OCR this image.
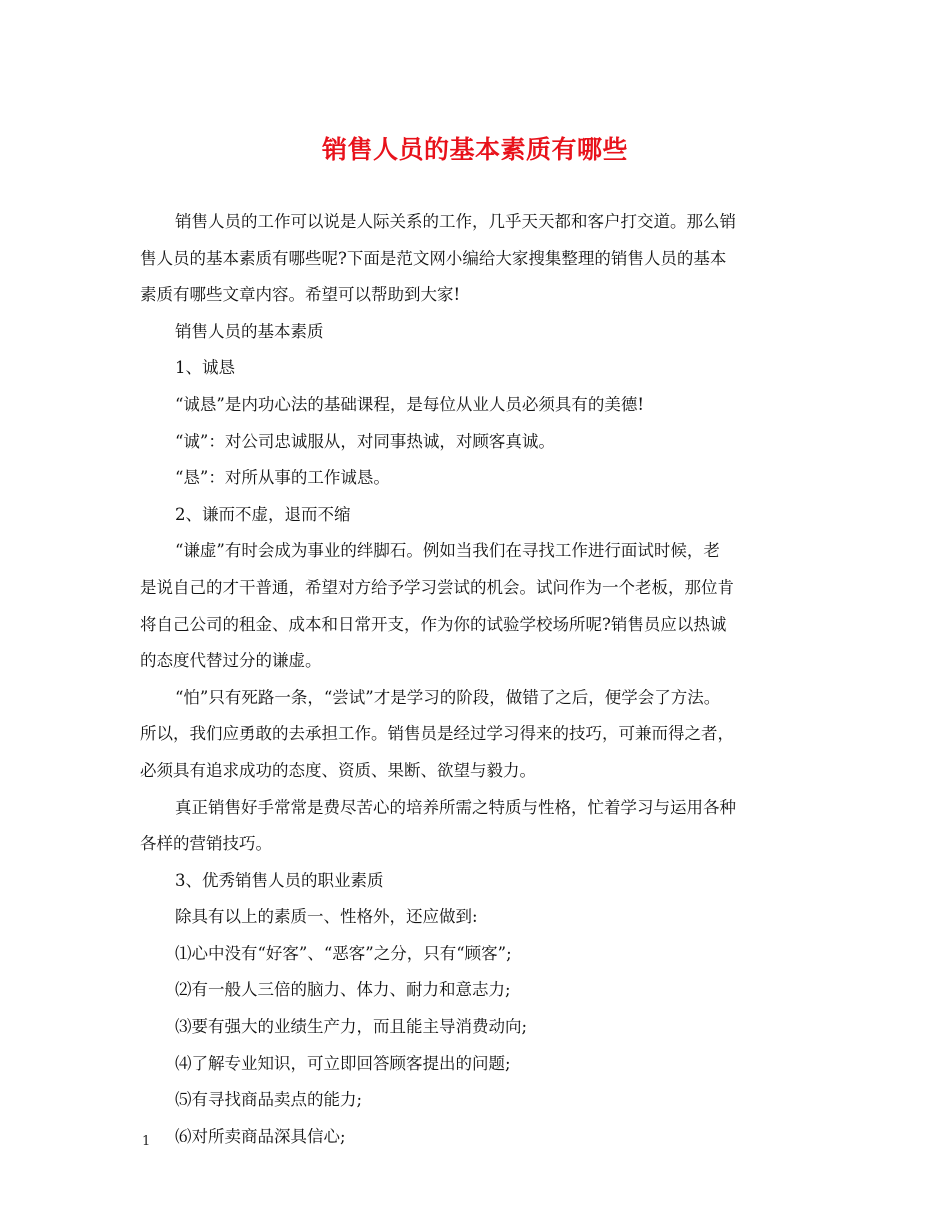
销售人员的基本素质有哪些

销售人员的工作可以说是人际关系的工作，几乎天天都和客户打交道。那么销

售人员的基本素质有哪些呢?下面是范文网小编给大家搜集整理的销售人员的基本

素质有哪些文章内容。希望可以帮助到大家!

销售人员的基本素质

1、诚恳

“诚恳”是内功心法的基础课程，是每位从业人员必须具有的美德!

“诚”：对公司忠诚服从，对同事热诚，对顾客真诚。

“恳”：对所从事的工作诚恳。

2、谦而不虚，退而不缩

“谦虚”有时会成为事业的绊脚石。例如当我们在寻找工作进行面试时候，老

是说自己的才干普通，希望对方给予学习尝试的机会。试问作为一个老板，那位肯

将自己公司的租金、成本和日常开支，作为你的试验学校场所呢?销售员应以热诚

的态度代替过分的谦虚。

“怕”只有死路一条，“尝试”才是学习的阶段，做错了之后，便学会了方法。

所以，我们应勇敢的去承担工作。销售员是经过学习得来的技巧，可兼而得之者，

必须具有追求成功的态度、资质、果断、欲望与毅力。

真正销售好手常常是费尽苦心的培养所需之特质与性格，忙着学习与运用各种

各样的营销技巧。

3、优秀销售人员的职业素质

除具有以上的素质一、性格外，还应做到:

⑴心中没有“好客”、“恶客”之分，只有“顾客”;

⑵有一般人三倍的脑力、体力、耐力和意志力;

⑶要有强大的业绩生产力，而且能主导消费动向;

⑷了解专业知识，可立即回答顾客提出的问题;

⑸有寻找商品卖点的能力;

⑹对所卖商品深具信心;

1
